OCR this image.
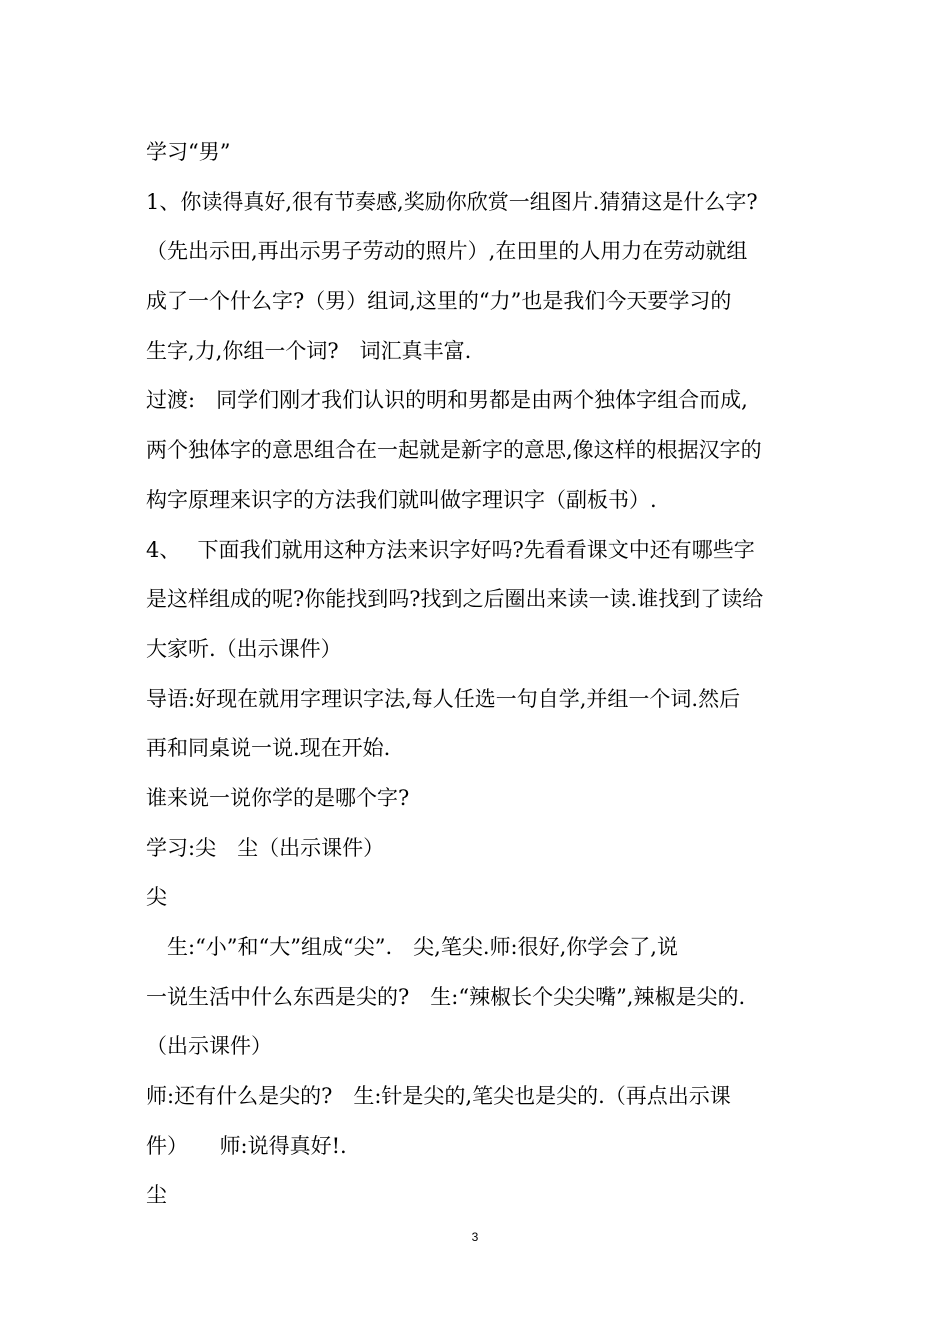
学习“男”
1、你读得真好,很有节奏感,奖励你欣赏一组图片.猜猜这是什么字?
（先出示田,再出示男子劳动的照片）,在田里的人用力在劳动就组
成了一个什么字?（男）组词,这里的“力”也是我们今天要学习的
生字,力,你组一个词?　词汇真丰富.
过渡:　同学们刚才我们认识的明和男都是由两个独体字组合而成,
两个独体字的意思组合在一起就是新字的意思,像这样的根据汉字的
构字原理来识字的方法我们就叫做字理识字（副板书）.
4、　 下面我们就用这种方法来识字好吗?先看看课文中还有哪些字
是这样组成的呢?你能找到吗?找到之后圈出来读一读.谁找到了读给
大家听.（出示课件）
导语:好现在就用字理识字法,每人任选一句自学,并组一个词.然后
再和同桌说一说.现在开始.
谁来说一说你学的是哪个字?
学习:尖　尘（出示课件）
尖
　生:“小”和“大”组成“尖”.　尖,笔尖.师:很好,你学会了,说
一说生活中什么东西是尖的?　生:“辣椒长个尖尖嘴”,辣椒是尖的.
（出示课件）
师:还有什么是尖的?　生:针是尖的,笔尖也是尖的.（再点出示课
件）　　师:说得真好!.
尘
3
